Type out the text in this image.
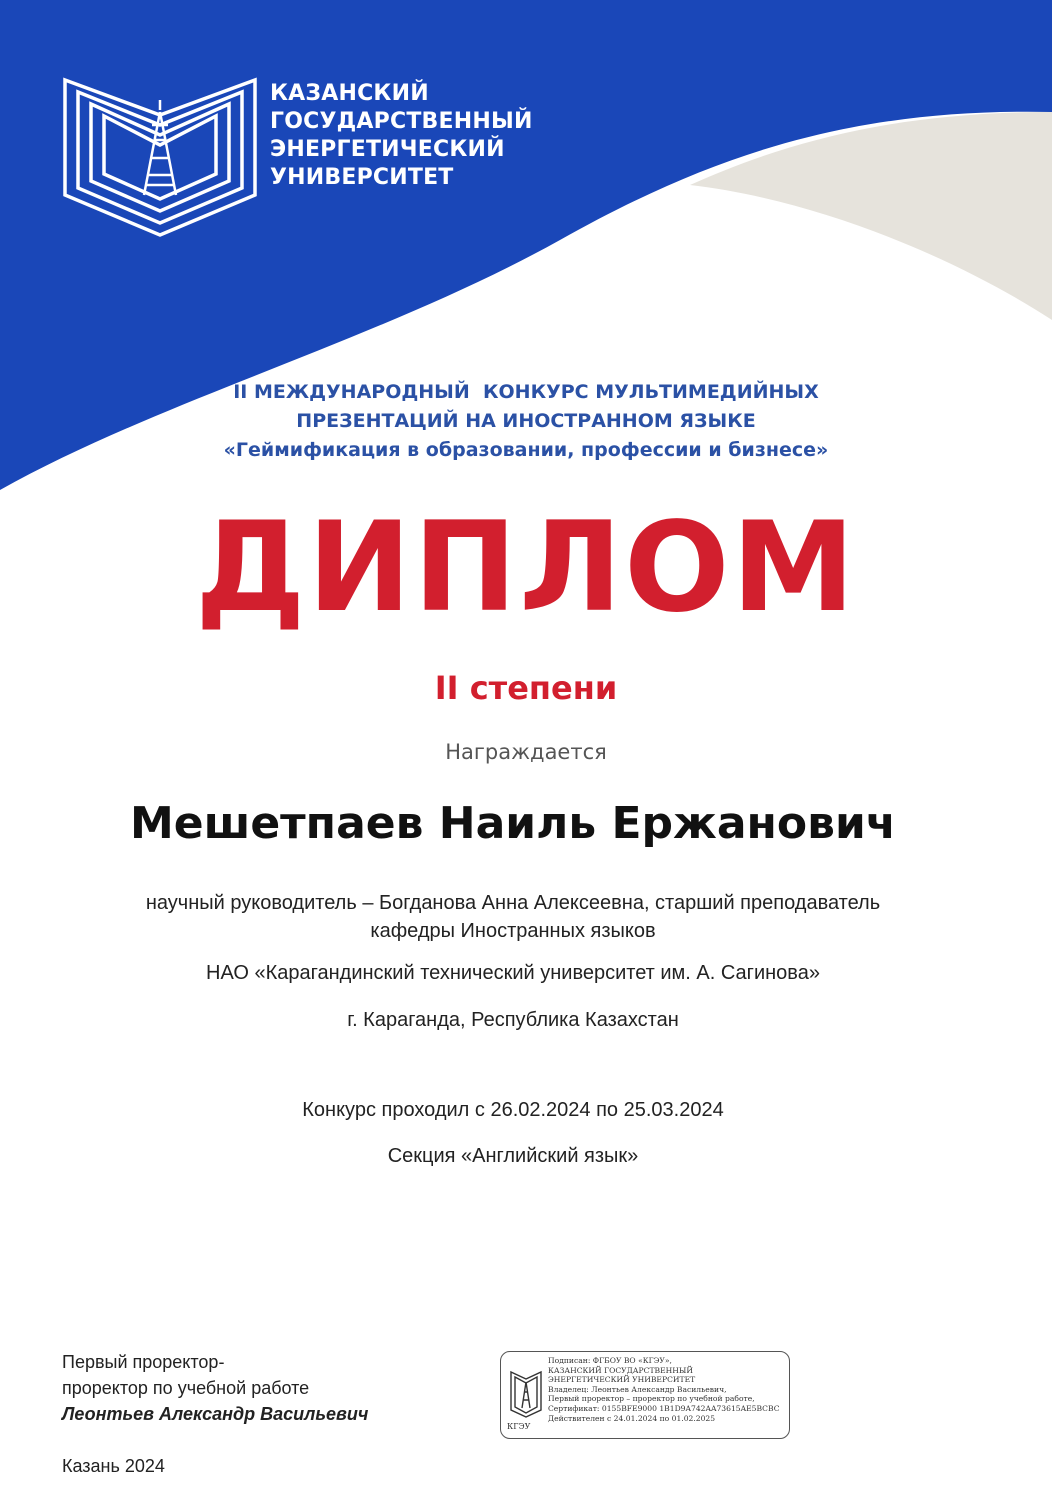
КАЗАНСКИЙ
ГОСУДАРСТВЕННЫЙ
ЭНЕРГЕТИЧЕСКИЙ
УНИВЕРСИТЕТ
II МЕЖДУНАРОДНЫЙ  КОНКУРС МУЛЬТИМЕДИЙНЫХ
ПРЕЗЕНТАЦИЙ НА ИНОСТРАННОМ ЯЗЫКЕ
«Геймификация в образовании, профессии и бизнесе»
ДИПЛОМ
II степени
Награждается
Мешетпаев Наиль Ержанович
научный руководитель – Богданова Анна Алексеевна, старший преподаватель
кафедры Иностранных языков
НАО «Карагандинский технический университет им. А. Сагинова»
г. Караганда, Республика Казахстан
Конкурс проходил с 26.02.2024 по 25.03.2024
Секция «Английский язык»
Первый проректор-
проректор по учебной работе
Леонтьев Александр Васильевич
КГЭУ
Подписан: ФГБОУ ВО «КГЭУ»,
КАЗАНСКИЙ ГОСУДАРСТВЕННЫЙ
ЭНЕРГЕТИЧЕСКИЙ УНИВЕРСИТЕТ
Владелец: Леонтьев Александр Васильевич,
Первый проректор – проректор по учебной работе,
Сертификат: 0155BFE9000 1B1D9A742AA73615AE5BCBC
Действителен с 24.01.2024 по 01.02.2025
Казань 2024
